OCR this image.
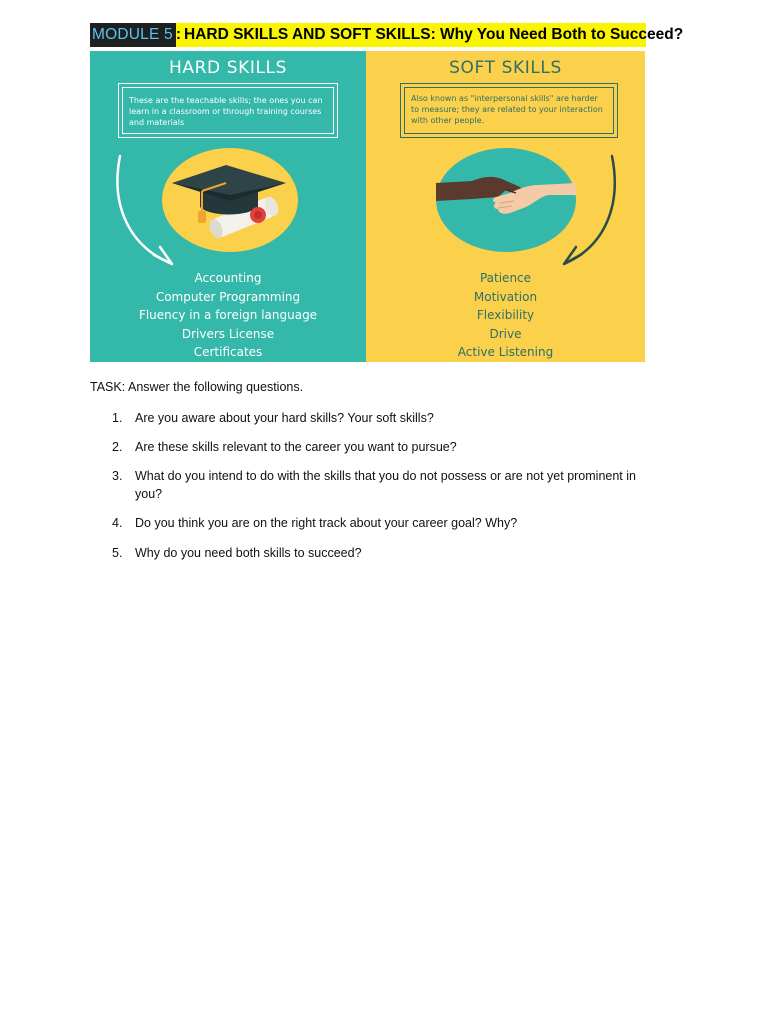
MODULE 5 : HARD SKILLS AND SOFT SKILLS: Why You Need Both to Succeed?
HARD SKILLS
These are the teachable skills; the ones you can learn in a classroom or through training courses and materials
Accounting
Computer Programming
Fluency in a foreign language
Drivers License
Certificates
SOFT SKILLS
Also known as "interpersonal skills" are harder to measure; they are related to your interaction with other people.
Patience
Motivation
Flexibility
Drive
Active Listening
TASK: Answer the following questions.
1.	Are you aware about your hard skills? Your soft skills?
2.	Are these skills relevant to the career you want to pursue?
3.	What do you intend to do with the skills that you do not possess or are not yet prominent in you?
4.	Do you think you are on the right track about your career goal? Why?
5.	Why do you need both skills to succeed?
